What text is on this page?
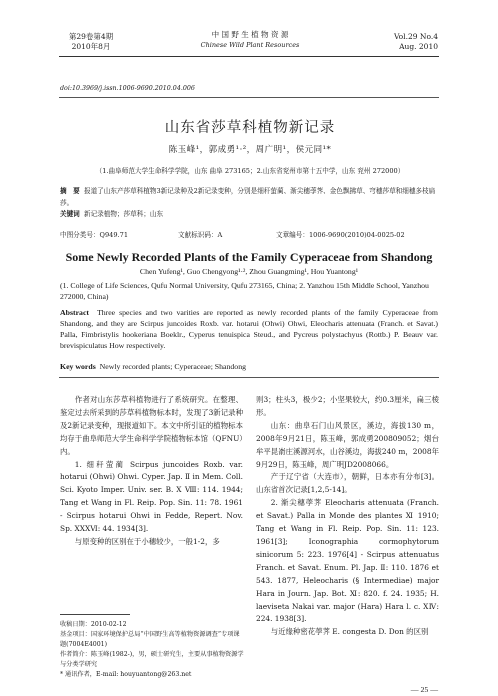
第29卷第4期
2010年8月
中 国 野 生 植 物 资 源
Chinese Wild Plant Resources
Vol.29 No.4
Aug. 2010
doi:10.3969/j.issn.1006-9690.2010.04.006
山东省莎草科植物新记录
陈玉峰¹，郭成勇¹·²，周广明¹，侯元同¹*
（1.曲阜师范大学生命科学学院，山东 曲阜 273165；2.山东省兖州市第十五中学，山东 兖州 272000）
摘　要 报道了山东产莎草科植物3新记录种及2新记录变种，分别是细秆萤蔺、渐尖穗荸荠、金色飘拂草、穹穗莎草和细穗多枝扁莎。
关键词 新记录植物；莎草科；山东
中图分类号：Q949.71	文献标识码：A	文章编号：1006-9690(2010)04-0025-02
Some Newly Recorded Plants of the Family Cyperaceae from Shandong
Chen Yufeng¹, Guo Chengyong¹·², Zhou Guangming¹, Hou Yuantong¹
(1. College of Life Sciences, Qufu Normal University, Qufu 273165, China; 2. Yanzhou 15th Middle School, Yanzhou 272000, China)
Abstract Three species and two varities are reported as newly recorded plants of the family Cyperaceae from Shandong, and they are Scirpus juncoides Roxb. var. hotarui (Ohwi) Ohwi, Eleocharis attenuata (Franch. et Savat.) Palla, Fimbristylis hookeriana Boeklr., Cyperus tenuispica Steud., and Pycreus polystachyus (Rottb.) P. Beauv var. brevispiculatus How respectively.
Key words Newly recorded plants; Cyperaceae; Shandong

作者对山东莎草科植物进行了系统研究。在整理、鉴定过去所采到的莎草科植物标本时，发现了3新记录种及2新记录变种，现报道如下。本文中所引证的植物标本均存于曲阜师范大学生命科学学院植物标本馆（QFNU）内。

1. 细秆萤蔺 Scirpus juncoides Roxb. var. hotarui (Ohwi) Ohwi. Cyper. Jap. Ⅱ in Mem. Coll. Sci. Kyoto Imper. Univ. ser. B. Ⅹ Ⅷ: 114. 1944; Tang et Wang in Fl. Reip. Pop. Sin. 11: 78. 1961 - Scirpus hotarui Ohwi in Fedde, Repert. Nov. Sp. ⅩⅩⅩⅥ: 44. 1934[3].

与原变种的区别在于小穗较少，一般1-2，多

则3；柱头3，极少2；小坚果较大，约0.3厘米，扁三棱形。

山东：曲阜石门山风景区，溪边，海拔130 m，2008年9月21日，陈玉峰，郭成勇200809052；烟台牟平昆嵛庄溪源河水，山谷溪边，海拔240 m，2008年9月29日，陈玉峰，周广明JD2008066。

产于辽宁省（大连市），朝鲜，日本亦有分布[3]。山东省首次记录[1,2,5-14]。

2. 渐尖穗荸荠 Eleocharis attenuata (Franch. et Savat.) Palla in Monde des plantes Ⅺ 1910; Tang et Wang in Fl. Reip. Pop. Sin. 11: 123. 1961[3]; Iconographia cormophytorum sinicorum 5: 223. 1976[4] - Scirpus attenuatus Franch. et Savat. Enum. Pl. Jap. Ⅱ: 110. 1876 et 543. 1877, Heleocharis (§ Intermediae) major Hara in Journ. Jap. Bot. Ⅺ: 820. f. 24. 1935; H. laeviseta Nakai var. major (Hara) Hara l. c. ⅩⅣ: 224. 1938[3].

与近缘种密花荸荠 E. congesta D. Don 的区别

收稿日期：2010-02-12

基金项目：国家环境保护总局“中国野生高等植物资源调查”专项课题(7004E4001)

作者简介：陈玉峰(1982-)，男，硕士研究生，主要从事植物资源学与分类学研究

* 通讯作者，E-mail: houyuantong@263.net

— 25 —
